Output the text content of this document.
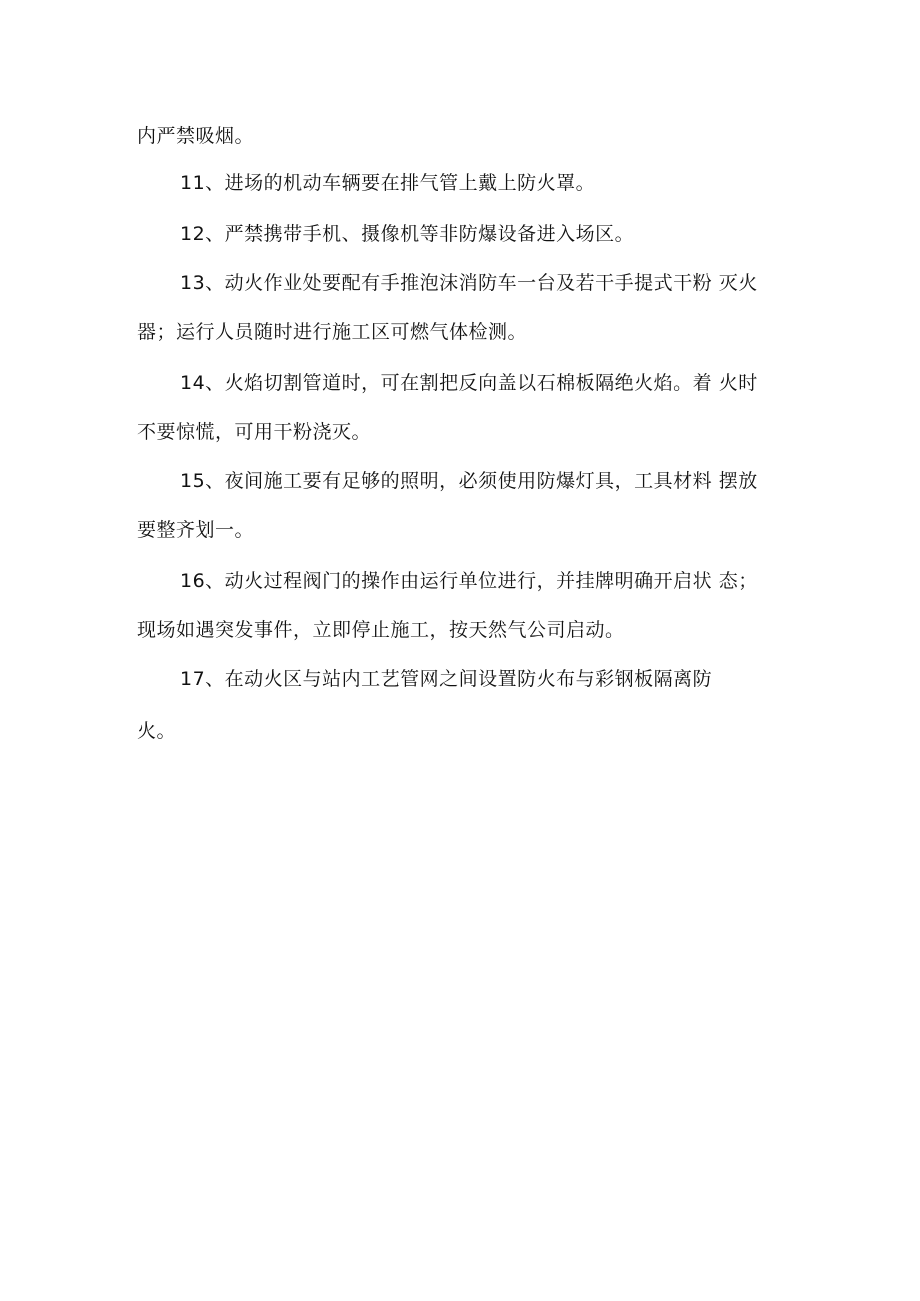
内严禁吸烟。
11、进场的机动车辆要在排气管上戴上防火罩。
12、严禁携带手机、摄像机等非防爆设备进入场区。
13、动火作业处要配有手推泡沫消防车一台及若干手提式干粉 灭火
器；运行人员随时进行施工区可燃气体检测。
14、火焰切割管道时，可在割把反向盖以石棉板隔绝火焰。着 火时
不要惊慌，可用干粉浇灭。
15、夜间施工要有足够的照明，必须使用防爆灯具，工具材料 摆放
要整齐划一。
16、动火过程阀门的操作由运行单位进行，并挂牌明确开启状 态；
现场如遇突发事件，立即停止施工，按天然气公司启动。
17、在动火区与站内工艺管网之间设置防火布与彩钢板隔离防
火。
